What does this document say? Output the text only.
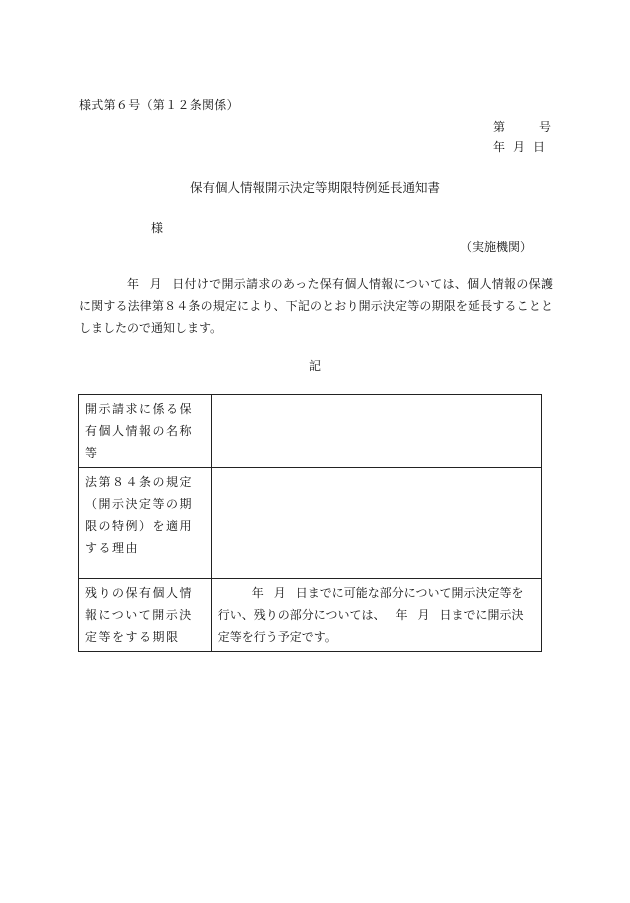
様式第６号（第１２条関係）
第	号
年 月 日
保有個人情報開示決定等期限特例延長通知書
様
（実施機関）
年 月 日付けで開示請求のあった保有個人情報については、個人情報の保護に関する法律第８４条の規定により、下記のとおり開示決定等の期限を延長することとしましたので通知します。
記
開示請求に係る保有個人情報の名称等	
法第８４条の規定（開示決定等の期限の特例）を適用する理由	
残りの保有個人情報について開示決定等をする期限	年 月 日までに可能な部分について開示決定等を行い、残りの部分については、 年 月 日までに開示決定等を行う予定です。
